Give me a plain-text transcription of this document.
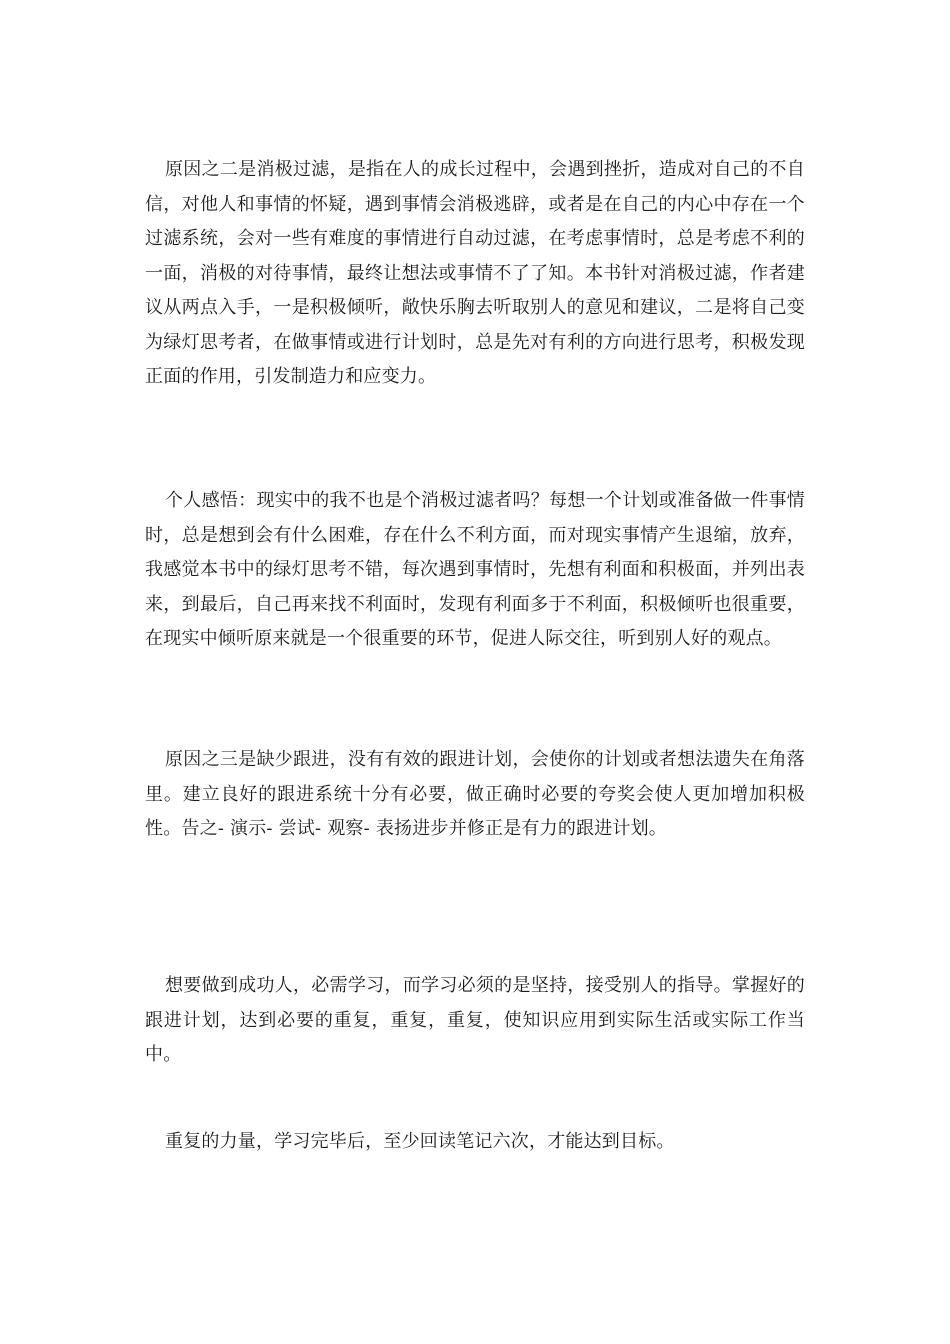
原因之二是消极过滤，是指在人的成长过程中，会遇到挫折，造成对自己的不自信，对他人和事情的怀疑，遇到事情会消极逃辟，或者是在自己的内心中存在一个过滤系统，会对一些有难度的事情进行自动过滤，在考虑事情时，总是考虑不利的一面，消极的对待事情，最终让想法或事情不了了知。本书针对消极过滤，作者建议从两点入手，一是积极倾听，敞快乐胸去听取别人的意见和建议，二是将自己变为绿灯思考者，在做事情或进行计划时，总是先对有利的方向进行思考，积极发现正面的作用，引发制造力和应变力。

个人感悟：现实中的我不也是个消极过滤者吗？每想一个计划或准备做一件事情时，总是想到会有什么困难，存在什么不利方面，而对现实事情产生退缩，放弃，我感觉本书中的绿灯思考不错，每次遇到事情时，先想有利面和积极面，并列出表来，到最后，自己再来找不利面时，发现有利面多于不利面，积极倾听也很重要，在现实中倾听原来就是一个很重要的环节，促进人际交往，听到别人好的观点。

原因之三是缺少跟进，没有有效的跟进计划，会使你的计划或者想法遗失在角落里。建立良好的跟进系统十分有必要，做正确时必要的夸奖会使人更加增加积极性。告之- 演示- 尝试- 观察- 表扬进步并修正是有力的跟进计划。

想要做到成功人，必需学习，而学习必须的是坚持，接受别人的指导。掌握好的跟进计划，达到必要的重复，重复，重复，使知识应用到实际生活或实际工作当中。

重复的力量，学习完毕后，至少回读笔记六次，才能达到目标。
